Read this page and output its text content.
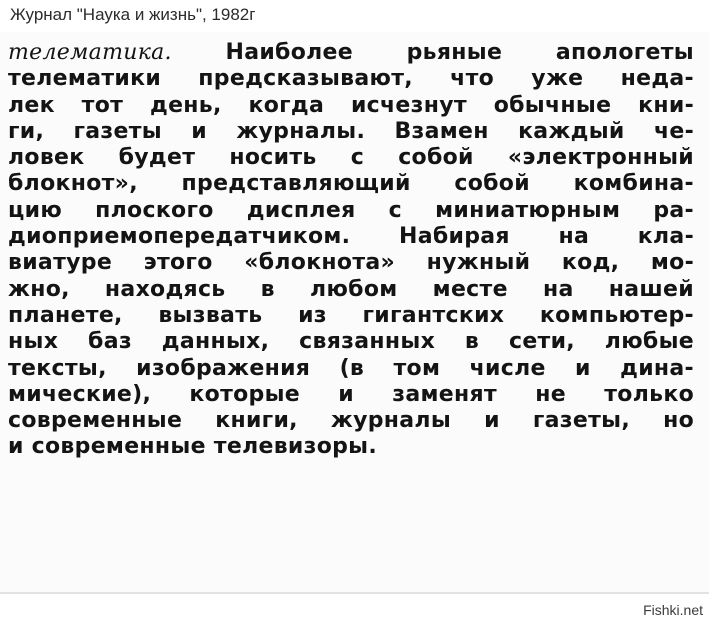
Журнал "Наука и жизнь", 1982г
телематика. Наиболее рьяные апологеты
телематики предсказывают, что уже неда-
лек тот день, когда исчезнут обычные кни-
ги, газеты и журналы. Взамен каждый че-
ловек будет носить с собой «электронный
блокнот», представляющий собой комбина-
цию плоского дисплея с миниатюрным ра-
диоприемопередатчиком. Набирая на кла-
виатуре этого «блокнота» нужный код, мо-
жно, находясь в любом месте на нашей
планете, вызвать из гигантских компьютер-
ных баз данных, связанных в сети, любые
тексты, изображения (в том числе и дина-
мические), которые и заменят не только
современные книги, журналы и газеты, но
и современные телевизоры.
Fishki.net
